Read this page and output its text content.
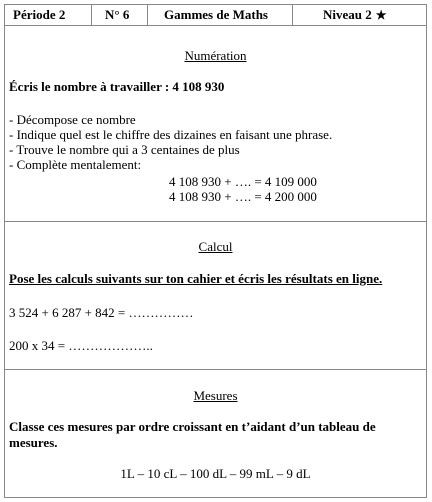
Période 2	N° 6	Gammes de Maths	Niveau 2 ★
Numération
Écris le nombre à travailler : 4 108 930
- Décompose ce nombre
- Indique quel est le chiffre des dizaines en faisant une phrase.
- Trouve le nombre qui a 3 centaines de plus
- Complète mentalement:
4 108 930 + …. = 4 109 000
4 108 930 + …. = 4 200 000
Calcul
Pose les calculs suivants sur ton cahier et écris les résultats en ligne.
3 524 + 6 287 + 842 = ……………
200 x 34 = ………………..
Mesures
Classe ces mesures par ordre croissant en t’aidant d’un tableau de mesures.
1L – 10 cL – 100 dL – 99 mL – 9 dL
